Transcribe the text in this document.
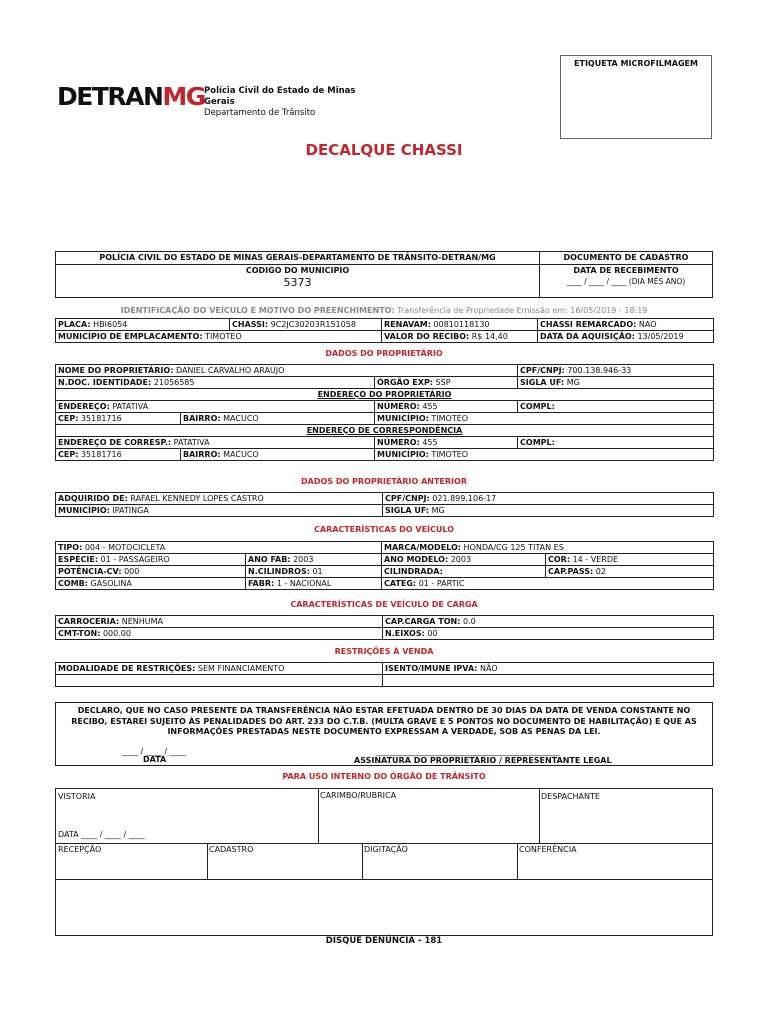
ETIQUETA MICROFILMAGEM
DETRANMG Polícia Civil do Estado de Minas Gerais
Departamento de Trânsito
DECALQUE CHASSI
POLÍCIA CIVIL DO ESTADO DE MINAS GERAIS-DEPARTAMENTO DE TRÂNSITO-DETRAN/MG	DOCUMENTO DE CADASTRO
CODIGO DO MUNICIPIO
5373
DATA DE RECEBIMENTO
____ / ____ / ____ (DIA MÊS ANO)
IDENTIFICAÇÃO DO VEÍCULO E MOTIVO DO PREENCHIMENTO: Transferência de Propriedade Emissão em: 16/05/2019 - 18:19
PLACA: HBI6054	CHASSI: 9C2JC30203R151058	RENAVAM: 00810118130	CHASSI REMARCADO: NAO
MUNICÍPIO DE EMPLACAMENTO: TIMOTEO		VALOR DO RECIBO: R$ 14,40	DATA DA AQUISIÇÃO: 13/05/2019
DADOS DO PROPRIETÁRIO
NOME DO PROPRIETÁRIO: DANIEL CARVALHO ARAUJO			CPF/CNPJ: 700.138.946-33
N.DOC. IDENTIDADE: 21056585		ÓRGÃO EXP: SSP	SIGLA UF: MG
ENDEREÇO DO PROPRIETÁRIO			
ENDEREÇO: PATATIVA		NÚMERO: 455	COMPL:
CEP: 35181716	BAIRRO: MACUCO	MUNICÍPIO: TIMOTEO	
ENDEREÇO DE CORRESPONDÊNCIA			
ENDEREÇO DE CORRESP.: PATATIVA		NÚMERO: 455	COMPL:
CEP: 35181716	BAIRRO: MACUCO	MUNICÍPIO: TIMOTEO	
DADOS DO PROPRIETÁRIO ANTERIOR
ADQUIRIDO DE: RAFAEL KENNEDY LOPES CASTRO	CPF/CNPJ: 021.899.106-17
MUNICÍPIO: IPATINGA	SIGLA UF: MG
CARACTERÍSTICAS DO VEÍCULO
TIPO: 004 - MOTOCICLETA		MARCA/MODELO: HONDA/CG 125 TITAN ES	
ESPÉCIE: 01 - PASSAGEIRO	ANO FAB: 2003	ANO MODELO: 2003	COR: 14 - VERDE
POTÊNCIA-CV: 000	N.CILINDROS: 01	CILINDRADA:	CAP.PASS: 02
COMB: GASOLINA	FABR: 1 - NACIONAL	CATEG: 01 - PARTIC	
CARACTERÍSTICAS DE VEÍCULO DE CARGA
CARROCERIA: NENHUMA	CAP.CARGA TON: 0.0
CMT-TON: 000.00	N.EIXOS: 00
RESTRIÇÕES À VENDA
MODALIDADE DE RESTRIÇÕES: SEM FINANCIAMENTO	ISENTO/IMUNE IPVA: NÃO

DECLARO, QUE NO CASO PRESENTE DA TRANSFERÊNCIA NÃO ESTAR EFETUADA DENTRO DE 30 DIAS DA DATA DE VENDA CONSTANTE NO RECIBO, ESTAREI SUJEITO ÀS PENALIDADES DO ART. 233 DO C.T.B. (MULTA GRAVE E 5 PONTOS NO DOCUMENTO DE HABILITAÇÃO) E QUE AS INFORMAÇÕES PRESTADAS NESTE DOCUMENTO EXPRESSAM A VERDADE, SOB AS PENAS DA LEI.
____ / ____ / ____
DATA
______________________________________________
ASSINATURA DO PROPRIETÁRIO / REPRESENTANTE LEGAL
PARA USO INTERNO DO ÓRGÃO DE TRÂNSITO
VISTORIA	CARIMBO/RUBRICA	DESPACHANTE
DATA ____ / ____ / ____
RECEPÇÃO	CADASTRO	DIGITAÇÃO	CONFERÊNCIA
DISQUE DENÚNCIA - 181
